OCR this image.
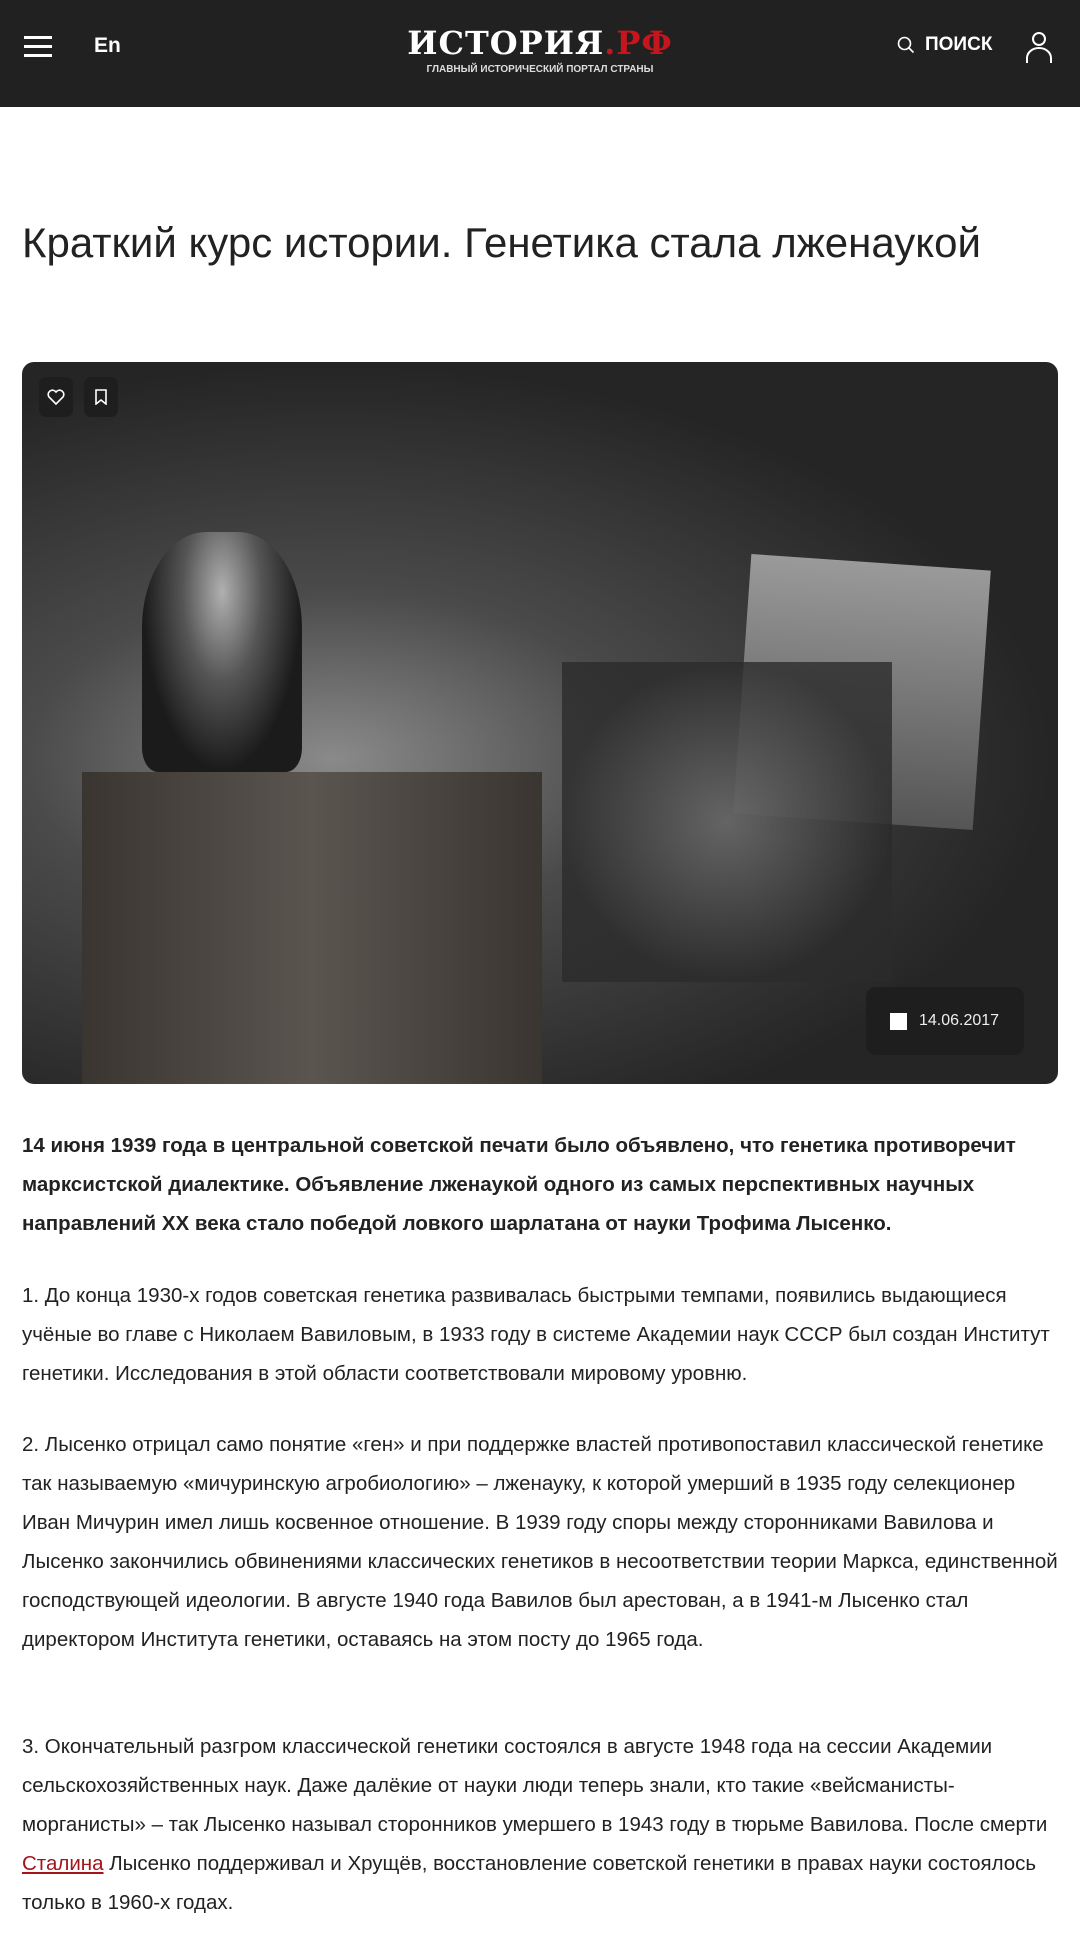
En	ИСТОРИЯ.РФ
ГЛАВНЫЙ ИСТОРИЧЕСКИЙ ПОРТАЛ СТРАНЫ
ПОИСК
Краткий курс истории. Генетика стала лженаукой
14.06.2017

14 июня 1939 года в центральной советской печати было объявлено, что генетика противоречит марксистской диалектике. Объявление лженаукой одного из самых перспективных научных направлений XX века стало победой ловкого шарлатана от науки Трофима Лысенко.

1. До конца 1930-х годов советская генетика развивалась быстрыми темпами, появились выдающиеся учёные во главе с Николаем Вавиловым, в 1933 году в системе Академии наук СССР был создан Институт генетики. Исследования в этой области соответствовали мировому уровню.

2. Лысенко отрицал само понятие «ген» и при поддержке властей противопоставил классической генетике так называемую «мичуринскую агробиологию» – лженауку, к которой умерший в 1935 году селекционер Иван Мичурин имел лишь косвенное отношение. В 1939 году споры между сторонниками Вавилова и Лысенко закончились обвинениями классических генетиков в несоответствии теории Маркса, единственной господствующей идеологии. В августе 1940 года Вавилов был арестован, а в 1941-м Лысенко стал директором Института генетики, оставаясь на этом посту до 1965 года.

3. Окончательный разгром классической генетики состоялся в августе 1948 года на сессии Академии сельскохозяйственных наук. Даже далёкие от науки люди теперь знали, кто такие «вейсманисты-морганисты» – так Лысенко называл сторонников умершего в 1943 году в тюрьме Вавилова. После смерти Сталина Лысенко поддерживал и Хрущёв, восстановление советской генетики в правах науки состоялось только в 1960-х годах.
